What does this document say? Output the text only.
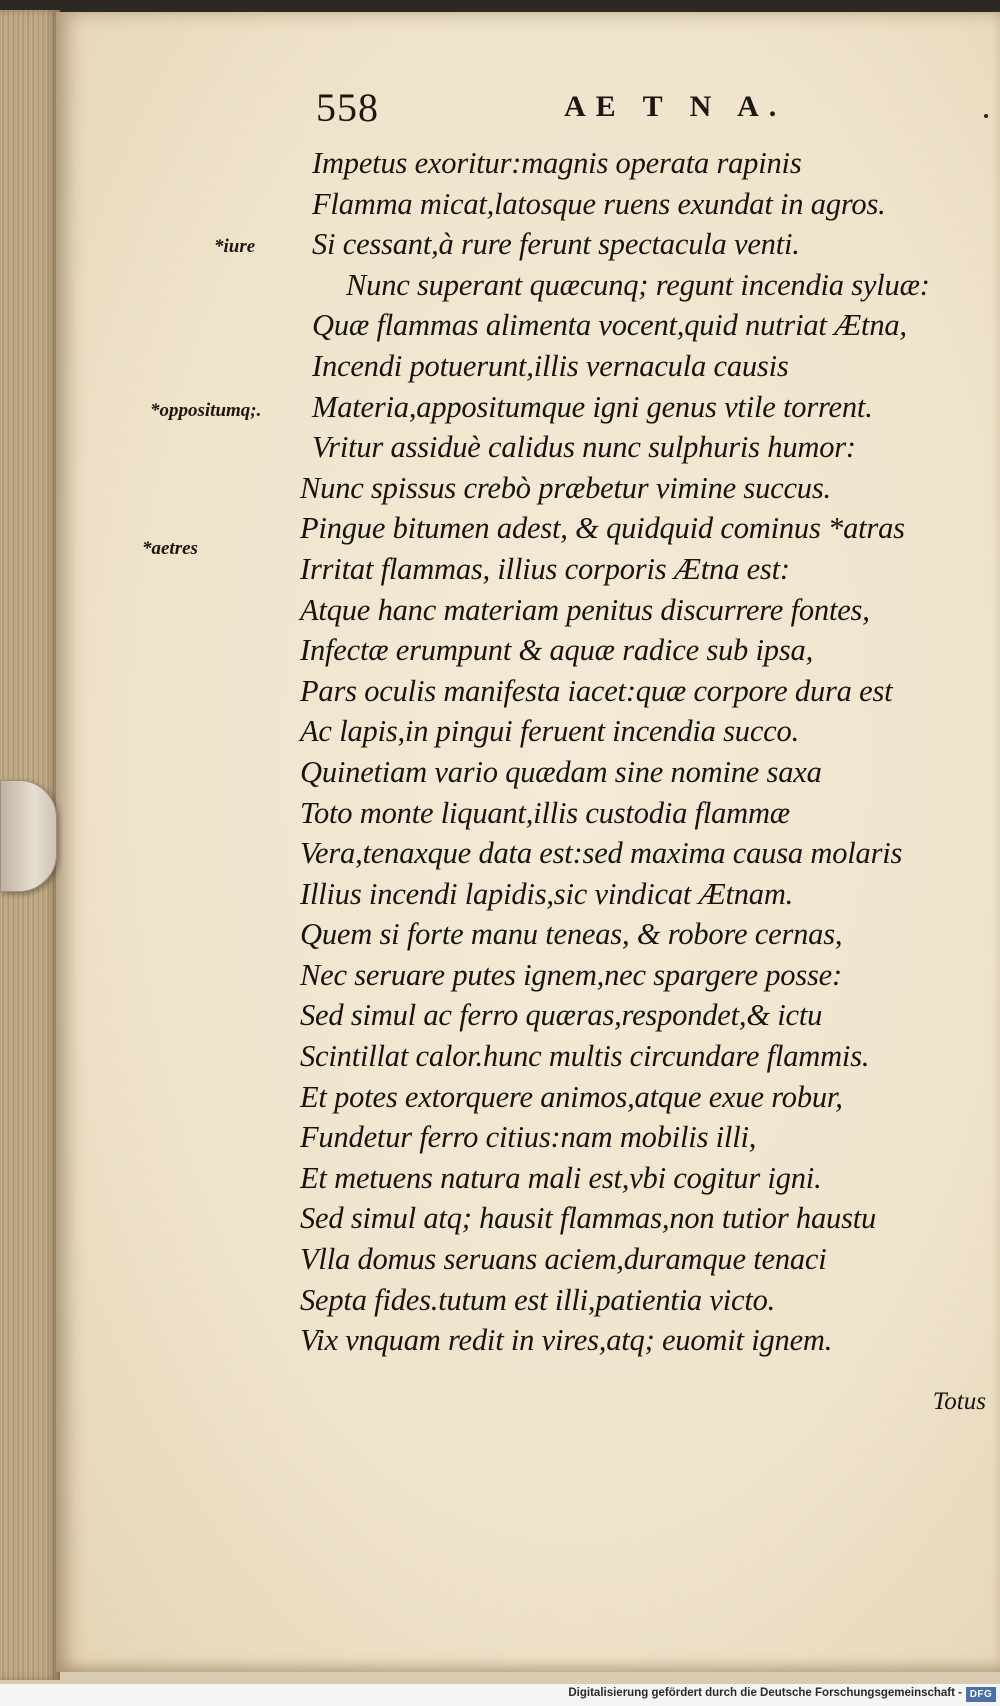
558	AE T N A.
*iure
*oppositumq;.
*aetres
Impetus exoritur:magnis operata rapinis
Flamma micat,latosque ruens exundat in agros.
Si cessant,à rure ferunt spectacula venti.
Nunc superant quæcunq; regunt incendia syluæ:
Quæ flammas alimenta vocent,quid nutriat Ætna,
Incendi potuerunt,illis vernacula causis
Materia,appositumque igni genus vtile torrent.
Vritur assiduè calidus nunc sulphuris humor:
Nunc spissus crebò præbetur vimine succus.
Pingue bitumen adest, & quidquid cominus *atras
Irritat flammas, illius corporis Ætna est:
Atque hanc materiam penitus discurrere fontes,
Infectæ erumpunt & aquæ radice sub ipsa,
Pars oculis manifesta iacet:quæ corpore dura est
Ac lapis,in pingui feruent incendia succo.
Quinetiam vario quædam sine nomine saxa
Toto monte liquant,illis custodia flammæ
Vera,tenaxque data est:sed maxima causa molaris
Illius incendi lapidis,sic vindicat Ætnam.
Quem si forte manu teneas, & robore cernas,
Nec seruare putes ignem,nec spargere posse:
Sed simul ac ferro quæras,respondet,& ictu
Scintillat calor.hunc multis circundare flammis.
Et potes extorquere animos,atque exue robur,
Fundetur ferro citius:nam mobilis illi,
Et metuens natura mali est,vbi cogitur igni.
Sed simul atq; hausit flammas,non tutior haustu
Vlla domus seruans aciem,duramque tenaci
Septa fides.tutum est illi,patientia victo.
Vix vnquam redit in vires,atq; euomit ignem.
Totus
Digitalisierung gefördert durch die Deutsche Forschungsgemeinschaft - DFG
